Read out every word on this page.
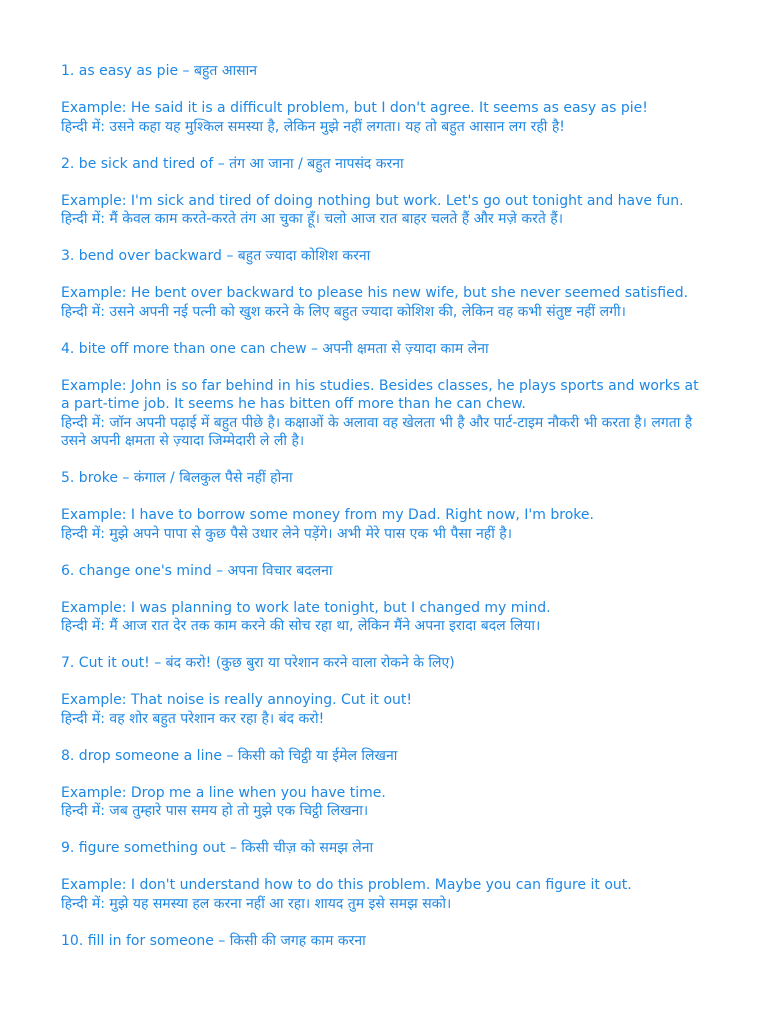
1. as easy as pie – बहुत आसान

Example: He said it is a difficult problem, but I don't agree. It seems as easy as pie!

हिन्दी में: उसने कहा यह मुश्किल समस्या है, लेकिन मुझे नहीं लगता। यह तो बहुत आसान लग रही है!

2. be sick and tired of – तंग आ जाना / बहुत नापसंद करना

Example: I'm sick and tired of doing nothing but work. Let's go out tonight and have fun.

हिन्दी में: मैं केवल काम करते-करते तंग आ चुका हूँ। चलो आज रात बाहर चलते हैं और मज़े करते हैं।

3. bend over backward – बहुत ज्यादा कोशिश करना

Example: He bent over backward to please his new wife, but she never seemed satisfied.

हिन्दी में: उसने अपनी नई पत्नी को खुश करने के लिए बहुत ज्यादा कोशिश की, लेकिन वह कभी संतुष्ट नहीं लगी।

4. bite off more than one can chew – अपनी क्षमता से ज़्यादा काम लेना

Example: John is so far behind in his studies. Besides classes, he plays sports and works at a part-time job. It seems he has bitten off more than he can chew.

हिन्दी में: जॉन अपनी पढ़ाई में बहुत पीछे है। कक्षाओं के अलावा वह खेलता भी है और पार्ट-टाइम नौकरी भी करता है। लगता है उसने अपनी क्षमता से ज़्यादा जिम्मेदारी ले ली है।

5. broke – कंगाल / बिलकुल पैसे नहीं होना

Example: I have to borrow some money from my Dad. Right now, I'm broke.

हिन्दी में: मुझे अपने पापा से कुछ पैसे उधार लेने पड़ेंगे। अभी मेरे पास एक भी पैसा नहीं है।

6. change one's mind – अपना विचार बदलना

Example: I was planning to work late tonight, but I changed my mind.

हिन्दी में: मैं आज रात देर तक काम करने की सोच रहा था, लेकिन मैंने अपना इरादा बदल लिया।

7. Cut it out! – बंद करो! (कुछ बुरा या परेशान करने वाला रोकने के लिए)

Example: That noise is really annoying. Cut it out!

हिन्दी में: वह शोर बहुत परेशान कर रहा है। बंद करो!

8. drop someone a line – किसी को चिट्ठी या ईमेल लिखना

Example: Drop me a line when you have time.

हिन्दी में: जब तुम्हारे पास समय हो तो मुझे एक चिट्ठी लिखना।

9. figure something out – किसी चीज़ को समझ लेना

Example: I don't understand how to do this problem. Maybe you can figure it out.

हिन्दी में: मुझे यह समस्या हल करना नहीं आ रहा। शायद तुम इसे समझ सको।

10. fill in for someone – किसी की जगह काम करना
